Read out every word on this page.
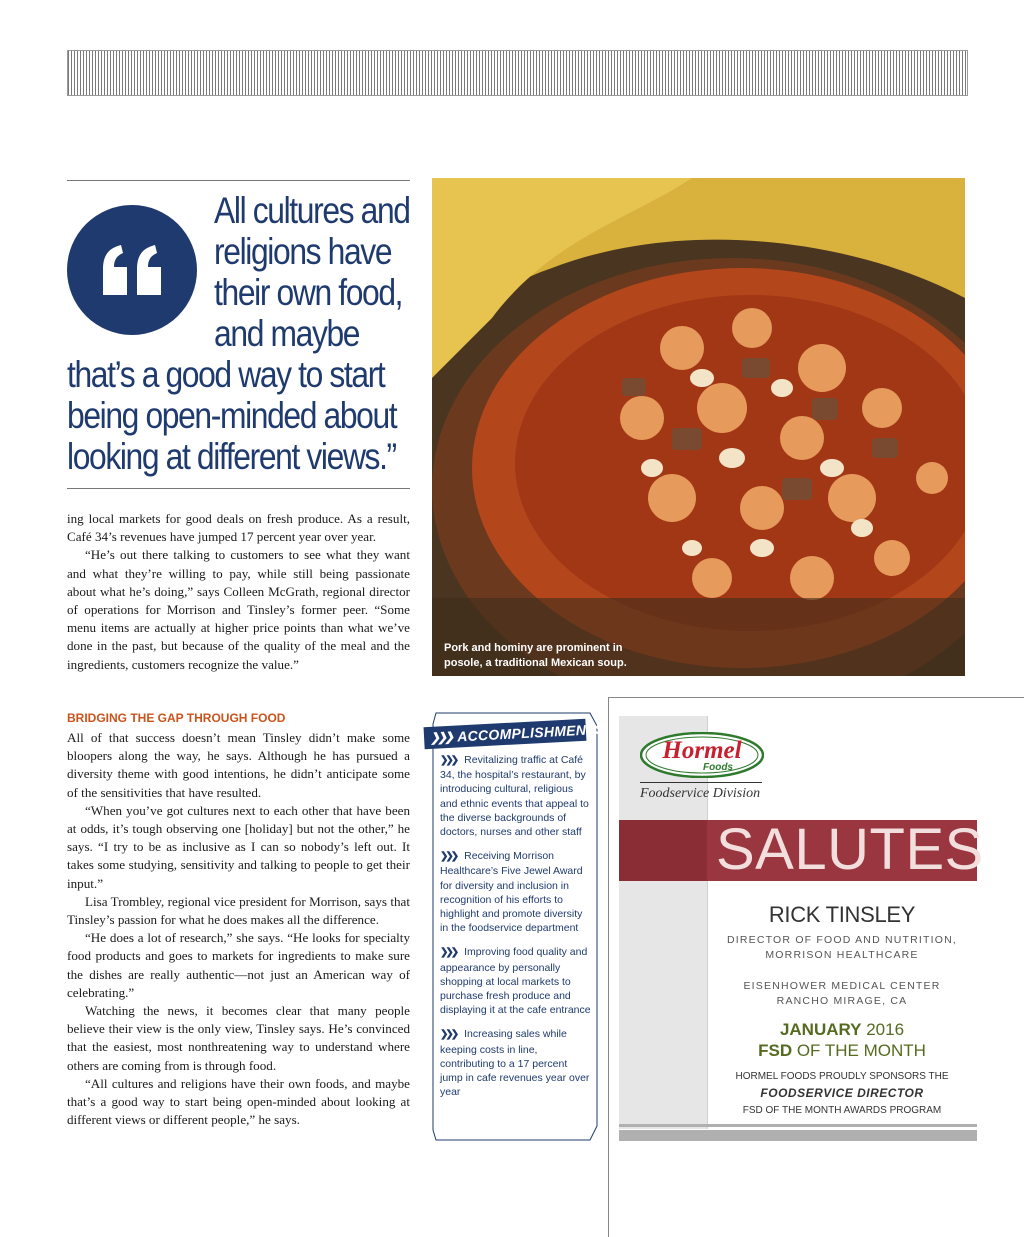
All cultures and
religions have
their own food,
and maybe
that’s a good way to start
being open-minded about
looking at different views.”

ing local markets for good deals on fresh produce. As a result, Café 34’s revenues have jumped 17 percent year over year.

“He’s out there talking to customers to see what they want and what they’re willing to pay, while still being passionate about what he’s doing,” says Colleen McGrath, regional director of operations for Morrison and Tinsley’s former peer. “Some menu items are actually at higher price points than what we’ve done in the past, but because of the quality of the meal and the ingredients, customers recognize the value.”

BRIDGING THE GAP THROUGH FOOD

All of that success doesn’t mean Tinsley didn’t make some bloopers along the way, he says. Although he has pursued a diversity theme with good intentions, he didn’t anticipate some of the sensitivities that have resulted.

“When you’ve got cultures next to each other that have been at odds, it’s tough observing one [holiday] but not the other,” he says. “I try to be as inclusive as I can so nobody’s left out. It takes some studying, sensitivity and talking to people to get their input.”

Lisa Trombley, regional vice president for Morrison, says that Tinsley’s passion for what he does makes all the difference.

“He does a lot of research,” she says. “He looks for specialty food products and goes to markets for ingredients to make sure the dishes are really authentic—not just an American way of celebrating.”

Watching the news, it becomes clear that many people believe their view is the only view, Tinsley says. He’s convinced that the easiest, most nonthreatening way to understand where others are coming from is through food.

“All cultures and religions have their own foods, and maybe that’s a good way to start being open-minded about looking at different views or different people,” he says.

Pork and hominy are prominent in
posole, a traditional Mexican soup.
❯❯❯ ACCOMPLISHMENTS
❯❯❯ Revitalizing traffic at Café 34, the hospital’s restaurant, by introducing cultural, religious and ethnic events that appeal to the diverse backgrounds of doctors, nurses and other staff
❯❯❯ Receiving Morrison Healthcare’s Five Jewel Award for diversity and inclusion in recognition of his efforts to highlight and promote diversity in the foodservice department
❯❯❯ Improving food quality and appearance by personally shopping at local markets to purchase fresh produce and displaying it at the cafe entrance
❯❯❯ Increasing sales while keeping costs in line, contributing to a 17 percent jump in cafe revenues year over year
Hormel
Foods
Foodservice Division
SALUTES
RICK TINSLEY
DIRECTOR OF FOOD AND NUTRITION,
MORRISON HEALTHCARE
EISENHOWER MEDICAL CENTER
RANCHO MIRAGE, CA
JANUARY 2016
FSD OF THE MONTH
HORMEL FOODS PROUDLY SPONSORS THE
FOODSERVICE DIRECTOR
FSD OF THE MONTH AWARDS PROGRAM
